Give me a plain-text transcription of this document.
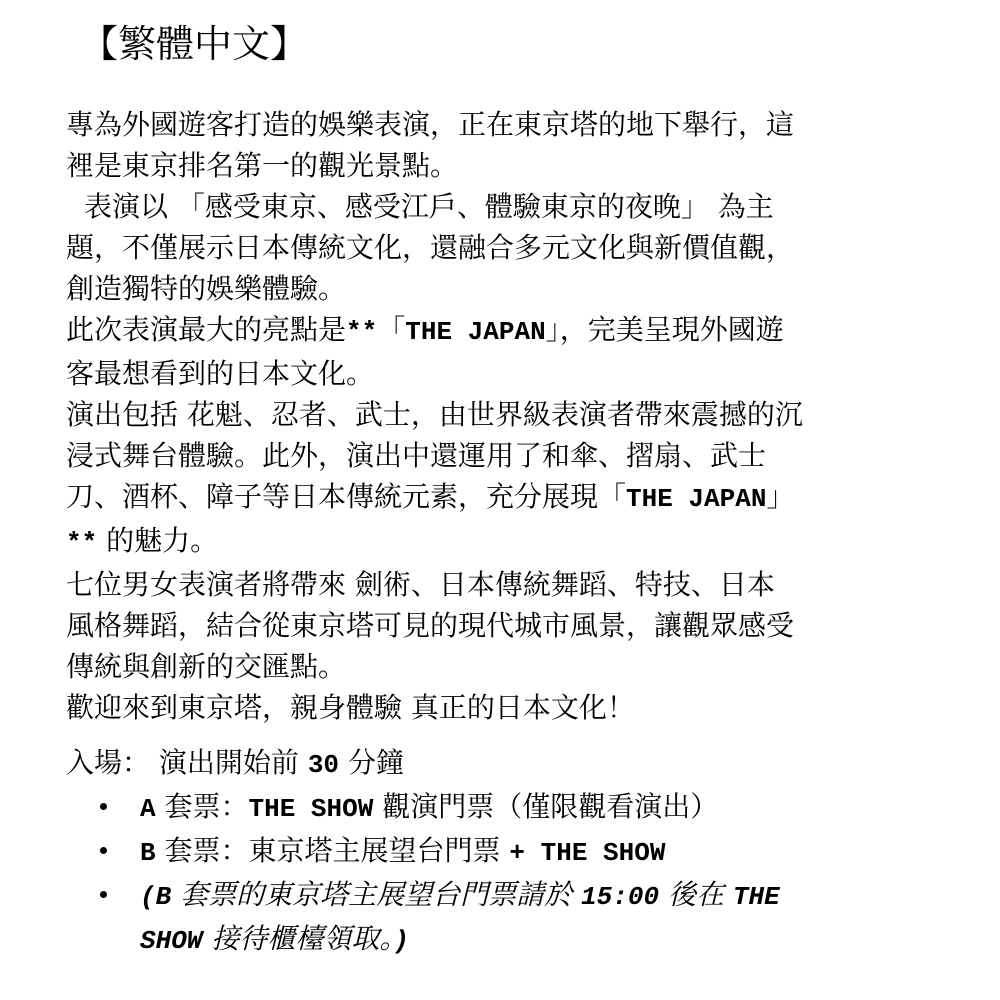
【繁體中文】

專為外國遊客打造的娛樂表演，正在東京塔的地下舉行，這

裡是東京排名第一的觀光景點。

表演以 「感受東京、感受江戶、體驗東京的夜晚」 為主

題，不僅展示日本傳統文化，還融合多元文化與新價值觀，

創造獨特的娛樂體驗。

此次表演最大的亮點是**「THE JAPAN」，完美呈現外國遊

客最想看到的日本文化。

演出包括 花魁、忍者、武士，由世界級表演者帶來震撼的沉

浸式舞台體驗。此外，演出中還運用了和傘、摺扇、武士

刀、酒杯、障子等日本傳統元素，充分展現「THE JAPAN」

** 的魅力。

七位男女表演者將帶來 劍術、日本傳統舞蹈、特技、日本

風格舞蹈，結合從東京塔可見的現代城市風景，讓觀眾感受

傳統與創新的交匯點。

歡迎來到東京塔，親身體驗 真正的日本文化！

入場： 演出開始前 30 分鐘
A 套票：THE SHOW 觀演門票（僅限觀看演出）
B 套票：東京塔主展望台門票 + THE SHOW
(B 套票的東京塔主展望台門票請於 15:00 後在 THE
SHOW 接待櫃檯領取。)
